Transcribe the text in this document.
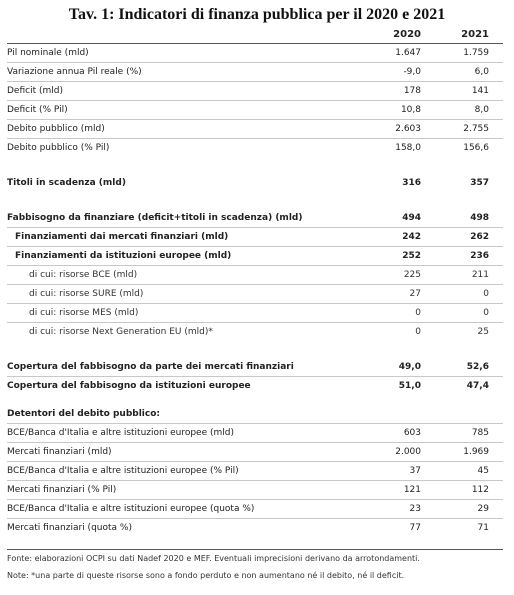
Tav. 1: Indicatori di finanza pubblica per il 2020 e 2021
	2020	2021
Pil nominale (mld)	1.647	1.759
Variazione annua Pil reale (%)	-9,0	6,0
Deficit (mld)	178	141
Deficit (% Pil)	10,8	8,0
Debito pubblico (mld)	2.603	2.755
Debito pubblico (% Pil)	158,0	156,6

Titoli in scadenza (mld)	316	357

Fabbisogno da finanziare (deficit+titoli in scadenza) (mld)	494	498
Finanziamenti dai mercati finanziari (mld)	242	262
Finanziamenti da istituzioni europee (mld)	252	236
di cui: risorse BCE (mld)	225	211
di cui: risorse SURE (mld)	27	0
di cui: risorse MES (mld)	0	0
di cui: risorse Next Generation EU (mld)*	0	25

Copertura del fabbisogno da parte dei mercati finanziari	49,0	52,6
Copertura del fabbisogno da istituzioni europee	51,0	47,4

Detentori del debito pubblico:		
BCE/Banca d'Italia e altre istituzioni europee (mld)	603	785
Mercati finanziari (mld)	2.000	1.969
BCE/Banca d'Italia e altre istituzioni europee (% Pil)	37	45
Mercati finanziari (% Pil)	121	112
BCE/Banca d'Italia e altre istituzioni europee (quota %)	23	29
Mercati finanziari (quota %)	77	71
Fonte: elaborazioni OCPI su dati Nadef 2020 e MEF. Eventuali imprecisioni derivano da arrotondamenti.
Note: *una parte di queste risorse sono a fondo perduto e non aumentano né il debito, né il deficit.
